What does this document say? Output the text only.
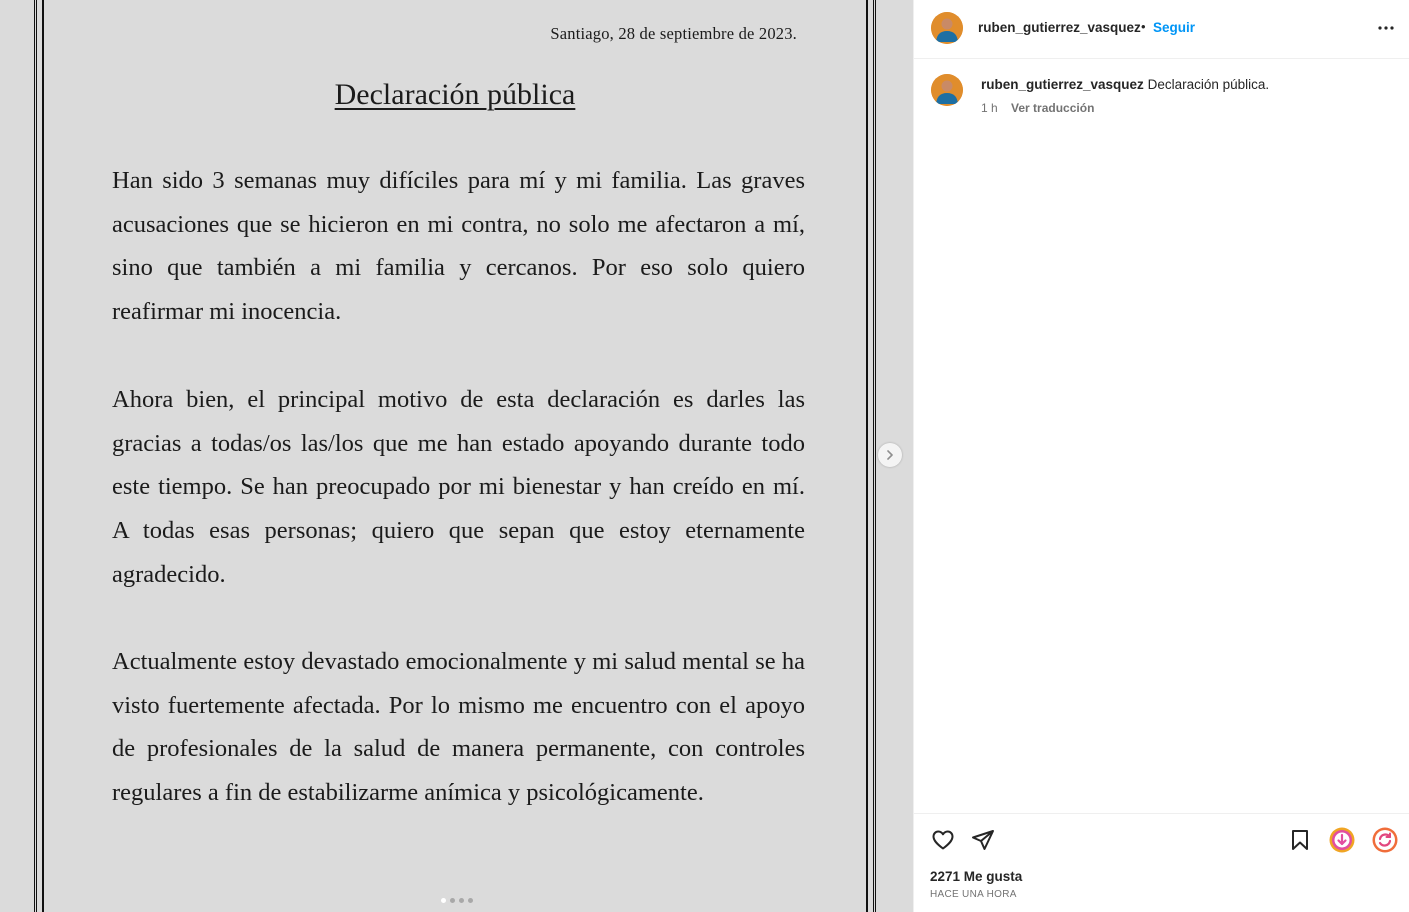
Santiago, 28 de septiembre de 2023.
Declaración pública

Han sido 3 semanas muy difíciles para mí y mi familia. Las graves acusaciones que se hicieron en mi contra, no solo me afectaron a mí, sino que también a mi familia y cercanos. Por eso solo quiero reafirmar mi inocencia.

Ahora bien, el principal motivo de esta declaración es darles las gracias a todas/os las/los que me han estado apoyando durante todo este tiempo. Se han preocupado por mi bienestar y han creído en mí. A todas esas personas; quiero que sepan que estoy eternamente agradecido.

Actualmente estoy devastado emocionalmente y mi salud mental se ha visto fuertemente afectada. Por lo mismo me encuentro con el apoyo de profesionales de la salud de manera permanente, con controles regulares a fin de estabilizarme anímica y psicológicamente.

ruben_gutierrez_vasquez • Seguir
ruben_gutierrez_vasquez Declaración pública.
1 h Ver traducción
2271 Me gusta
HACE UNA HORA
